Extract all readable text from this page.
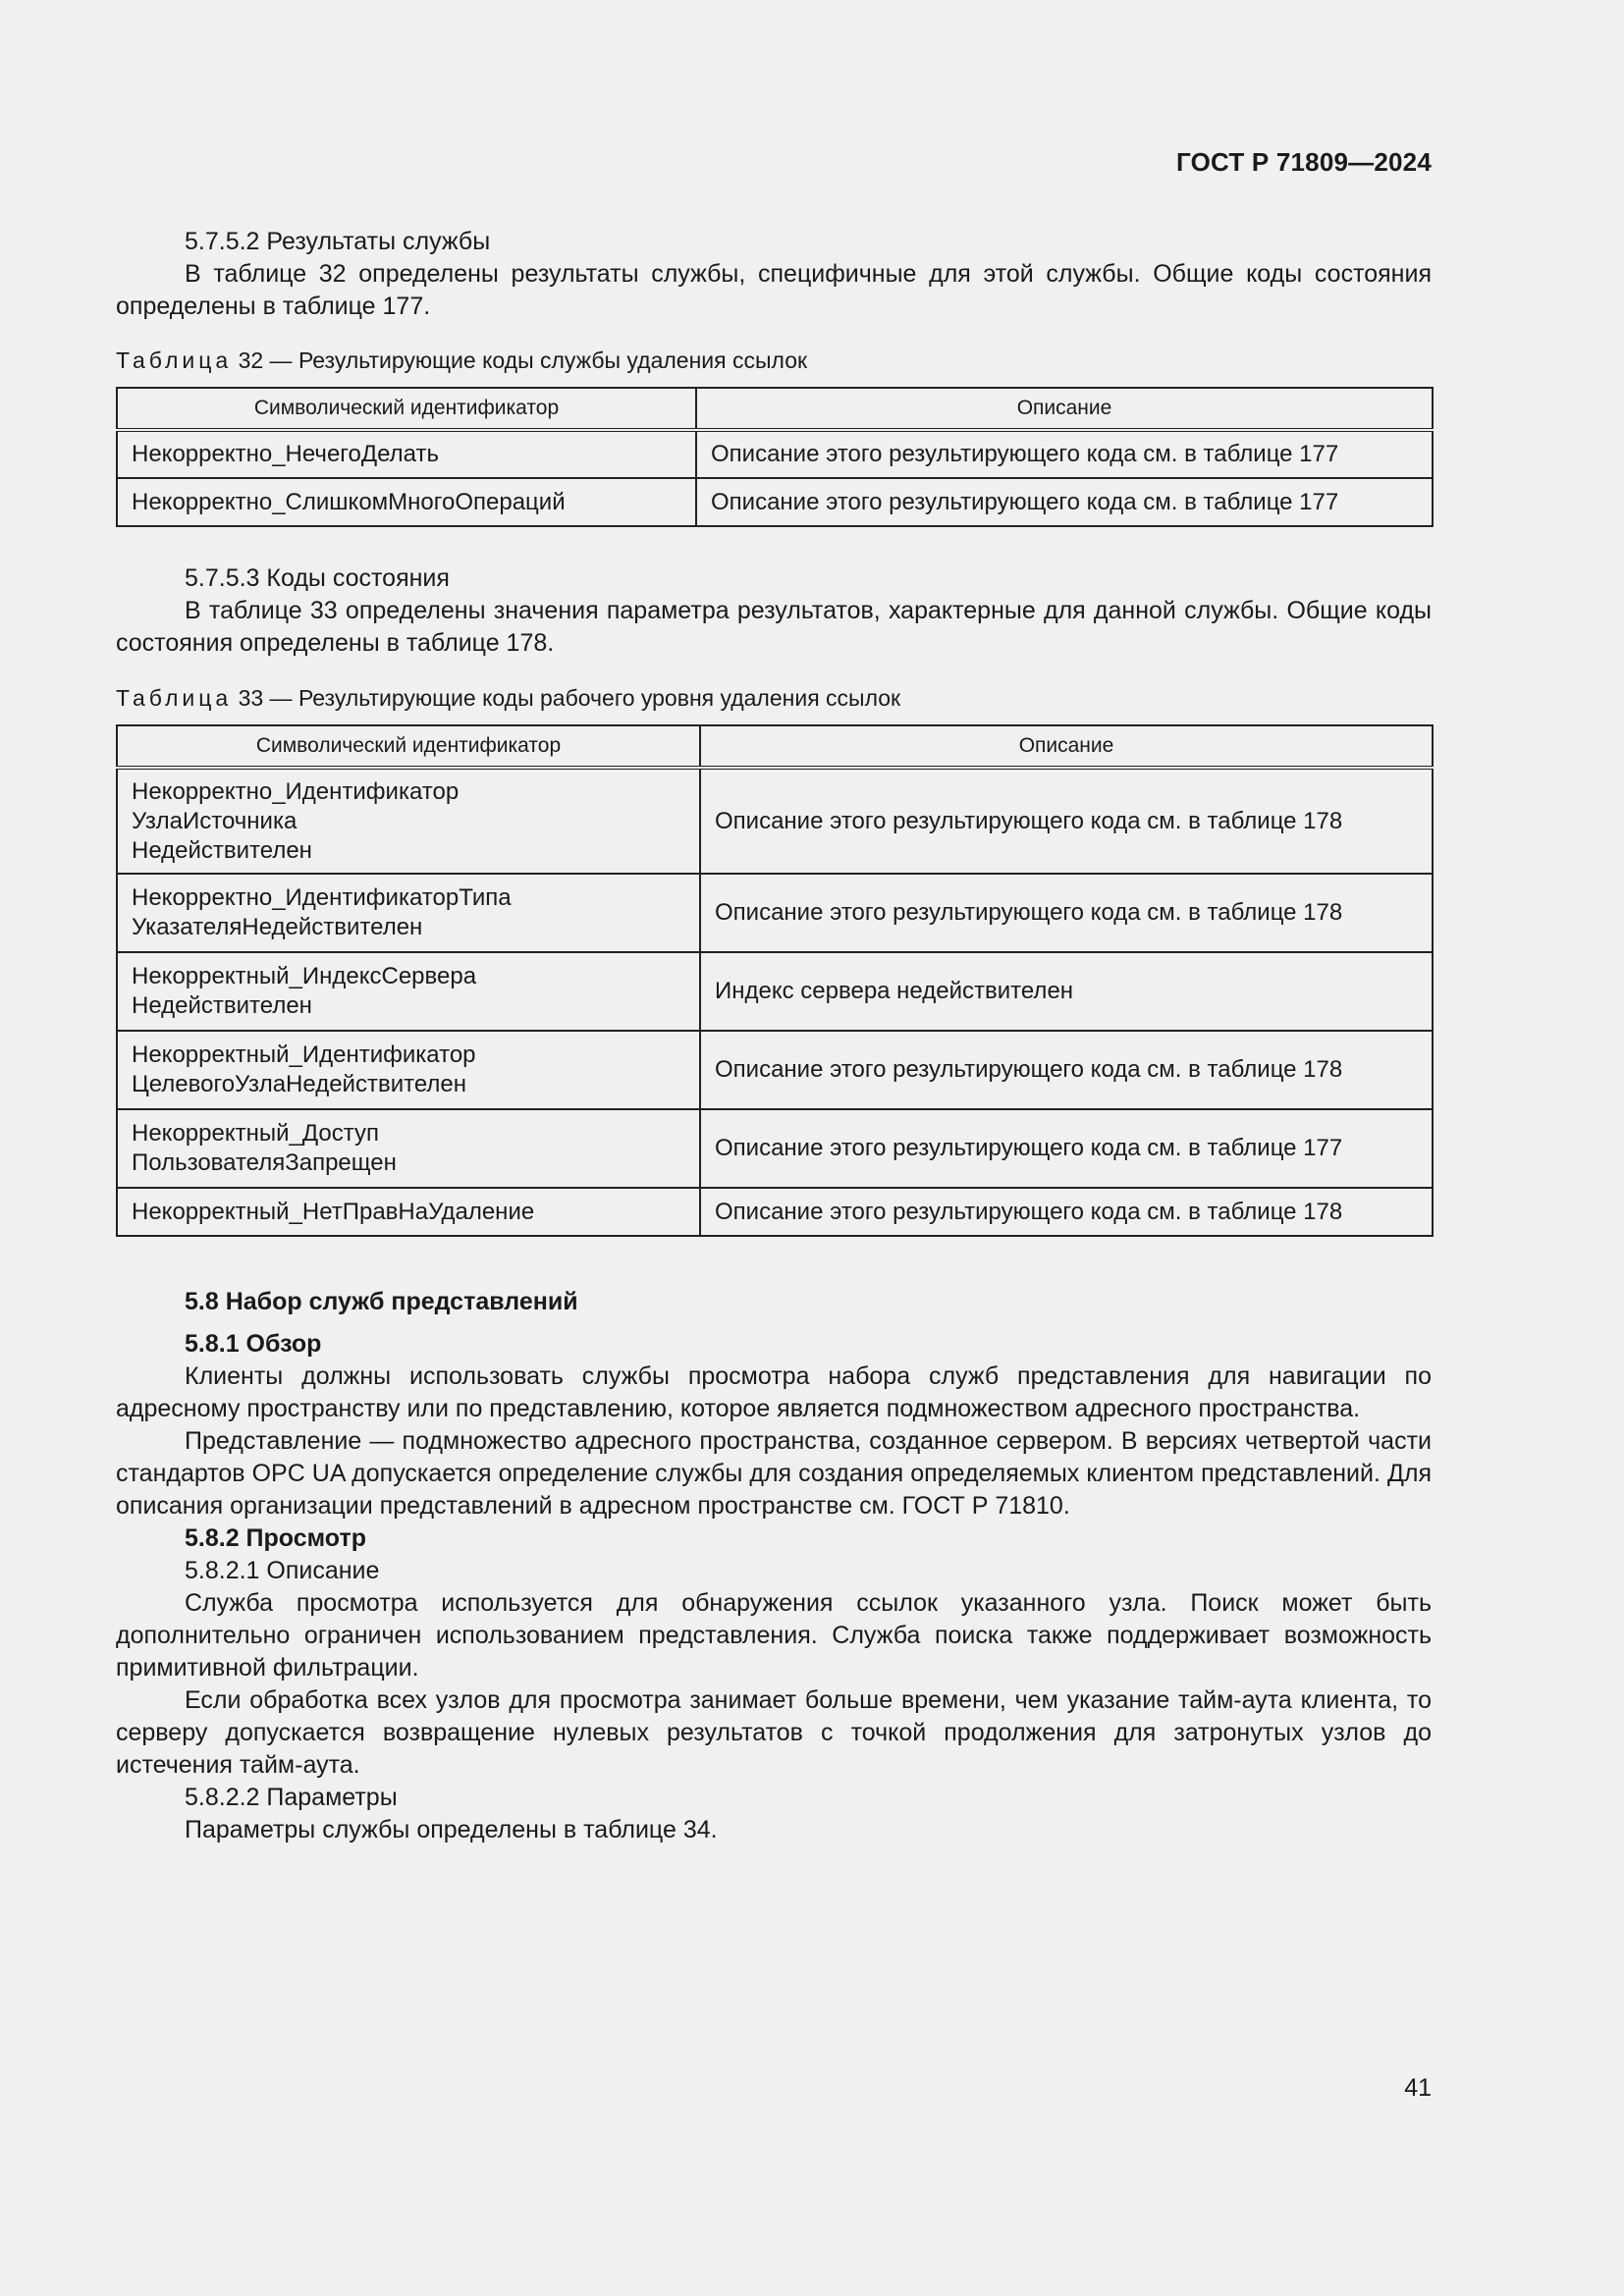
ГОСТ Р 71809—2024

5.7.5.2 Результаты службы

В таблице 32 определены результаты службы, специфичные для этой службы. Общие коды состояния определены в таблице 177.

Таблица 32 — Результирующие коды службы удаления ссылок

Символический идентификатор	Описание
Некорректно_НечегоДелать	Описание этого результирующего кода см. в таблице 177
Некорректно_СлишкомМногоОпераций	Описание этого результирующего кода см. в таблице 177

5.7.5.3 Коды состояния

В таблице 33 определены значения параметра результатов, характерные для данной службы. Общие коды состояния определены в таблице 178.

Таблица 33 — Результирующие коды рабочего уровня удаления ссылок

Символический идентификатор	Описание
Некорректно_Идентификатор
УзлаИсточника
Недействителен	Описание этого результирующего кода см. в таблице 178
Некорректно_ИдентификаторТипа
УказателяНедействителен	Описание этого результирующего кода см. в таблице 178
Некорректный_ИндексСервера
Недействителен	Индекс сервера недействителен
Некорректный_Идентификатор
ЦелевогоУзлаНедействителен	Описание этого результирующего кода см. в таблице 178
Некорректный_Доступ
ПользователяЗапрещен	Описание этого результирующего кода см. в таблице 177
Некорректный_НетПравНаУдаление	Описание этого результирующего кода см. в таблице 178

5.8 Набор служб представлений

5.8.1 Обзор

Клиенты должны использовать службы просмотра набора служб представления для навигации по адресному пространству или по представлению, которое является подмножеством адресного пространства.

Представление — подмножество адресного пространства, созданное сервером. В версиях четвертой части стандартов OPC UA допускается определение службы для создания определяемых клиентом представлений. Для описания организации представлений в адресном пространстве см. ГОСТ Р 71810.

5.8.2 Просмотр

5.8.2.1 Описание

Служба просмотра используется для обнаружения ссылок указанного узла. Поиск может быть дополнительно ограничен использованием представления. Служба поиска также поддерживает возможность примитивной фильтрации.

Если обработка всех узлов для просмотра занимает больше времени, чем указание тайм-аута клиента, то серверу допускается возвращение нулевых результатов с точкой продолжения для затронутых узлов до истечения тайм-аута.

5.8.2.2 Параметры

Параметры службы определены в таблице 34.

41
